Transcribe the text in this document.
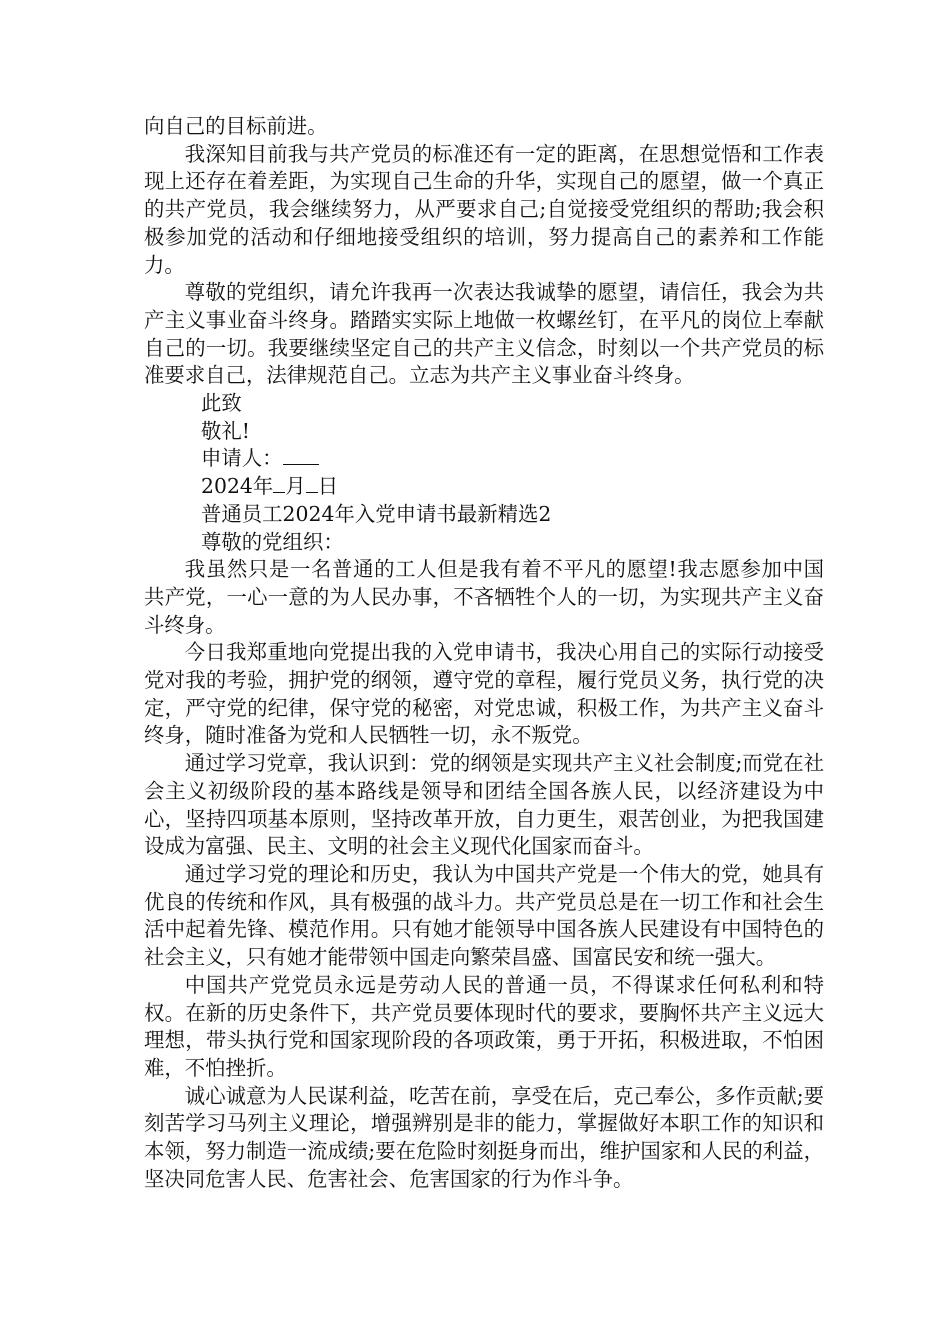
向自己的目标前进。

我深知目前我与共产党员的标准还有一定的距离，在思想觉悟和工作表现上还存在着差距，为实现自己生命的升华，实现自己的愿望，做一个真正的共产党员，我会继续努力，从严要求自己;自觉接受党组织的帮助;我会积极参加党的活动和仔细地接受组织的培训，努力提高自己的素养和工作能力。

尊敬的党组织，请允许我再一次表达我诚挚的愿望，请信任，我会为共产主义事业奋斗终身。踏踏实实际上地做一枚螺丝钉，在平凡的岗位上奉献自己的一切。我要继续坚定自己的共产主义信念，时刻以一个共产党员的标准要求自己，法律规范自己。立志为共产主义事业奋斗终身。

此致

敬礼!

申请人：

2024年 月 日

普通员工2024年入党申请书最新精选2

尊敬的党组织：

我虽然只是一名普通的工人但是我有着不平凡的愿望!我志愿参加中国共产党，一心一意的为人民办事，不吝牺牲个人的一切，为实现共产主义奋斗终身。

今日我郑重地向党提出我的入党申请书，我决心用自己的实际行动接受党对我的考验，拥护党的纲领，遵守党的章程，履行党员义务，执行党的决定，严守党的纪律，保守党的秘密，对党忠诚，积极工作，为共产主义奋斗终身，随时准备为党和人民牺牲一切，永不叛党。

通过学习党章，我认识到：党的纲领是实现共产主义社会制度;而党在社会主义初级阶段的基本路线是领导和团结全国各族人民，以经济建设为中心，坚持四项基本原则，坚持改革开放，自力更生，艰苦创业，为把我国建设成为富强、民主、文明的社会主义现代化国家而奋斗。

通过学习党的理论和历史，我认为中国共产党是一个伟大的党，她具有优良的传统和作风，具有极强的战斗力。共产党员总是在一切工作和社会生活中起着先锋、模范作用。只有她才能领导中国各族人民建设有中国特色的社会主义，只有她才能带领中国走向繁荣昌盛、国富民安和统一强大。

中国共产党党员永远是劳动人民的普通一员，不得谋求任何私利和特权。在新的历史条件下，共产党员要体现时代的要求，要胸怀共产主义远大理想，带头执行党和国家现阶段的各项政策，勇于开拓，积极进取，不怕困难，不怕挫折。

诚心诚意为人民谋利益，吃苦在前，享受在后，克己奉公，多作贡献;要刻苦学习马列主义理论，增强辨别是非的能力，掌握做好本职工作的知识和本领，努力制造一流成绩;要在危险时刻挺身而出，维护国家和人民的利益，坚决同危害人民、危害社会、危害国家的行为作斗争。
